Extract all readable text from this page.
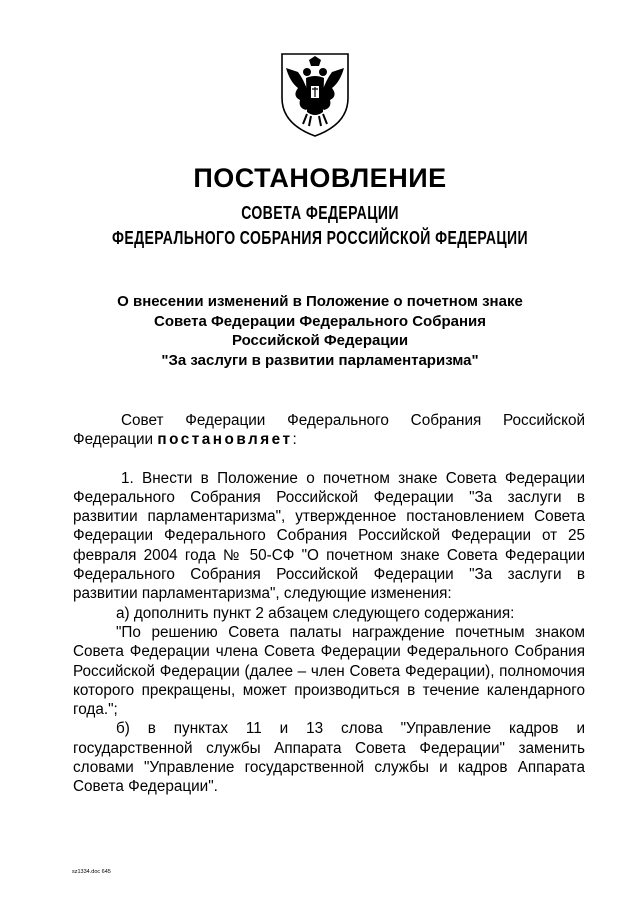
ПОСТАНОВЛЕНИЕ
СОВЕТА ФЕДЕРАЦИИ
ФЕДЕРАЛЬНОГО СОБРАНИЯ РОССИЙСКОЙ ФЕДЕРАЦИИ
О внесении изменений в Положение о почетном знаке
Совета Федерации Федерального Собрания
Российской Федерации
"За заслуги в развитии парламентаризма"

Совет Федерации Федерального Собрания Российской Федерации постановляет:

1. Внести в Положение о почетном знаке Совета Федерации Федерального Собрания Российской Федерации "За заслуги в развитии парламентаризма", утвержденное постановлением Совета Федерации Федерального Собрания Российской Федерации от 25 февраля 2004 года № 50-СФ "О почетном знаке Совета Федерации Федерального Собрания Российской Федерации "За заслуги в развитии парламентаризма", следующие изменения:

а) дополнить пункт 2 абзацем следующего содержания:

"По решению Совета палаты награждение почетным знаком Совета Федерации члена Совета Федерации Федерального Собрания Российской Федерации (далее – член Совета Федерации), полномочия которого прекращены, может производиться в течение календарного года.";

б) в пунктах 11 и 13 слова "Управление кадров и государственной службы Аппарата Совета Федерации" заменить словами "Управление государственной службы и кадров Аппарата Совета Федерации".

sz1334.doc 645
